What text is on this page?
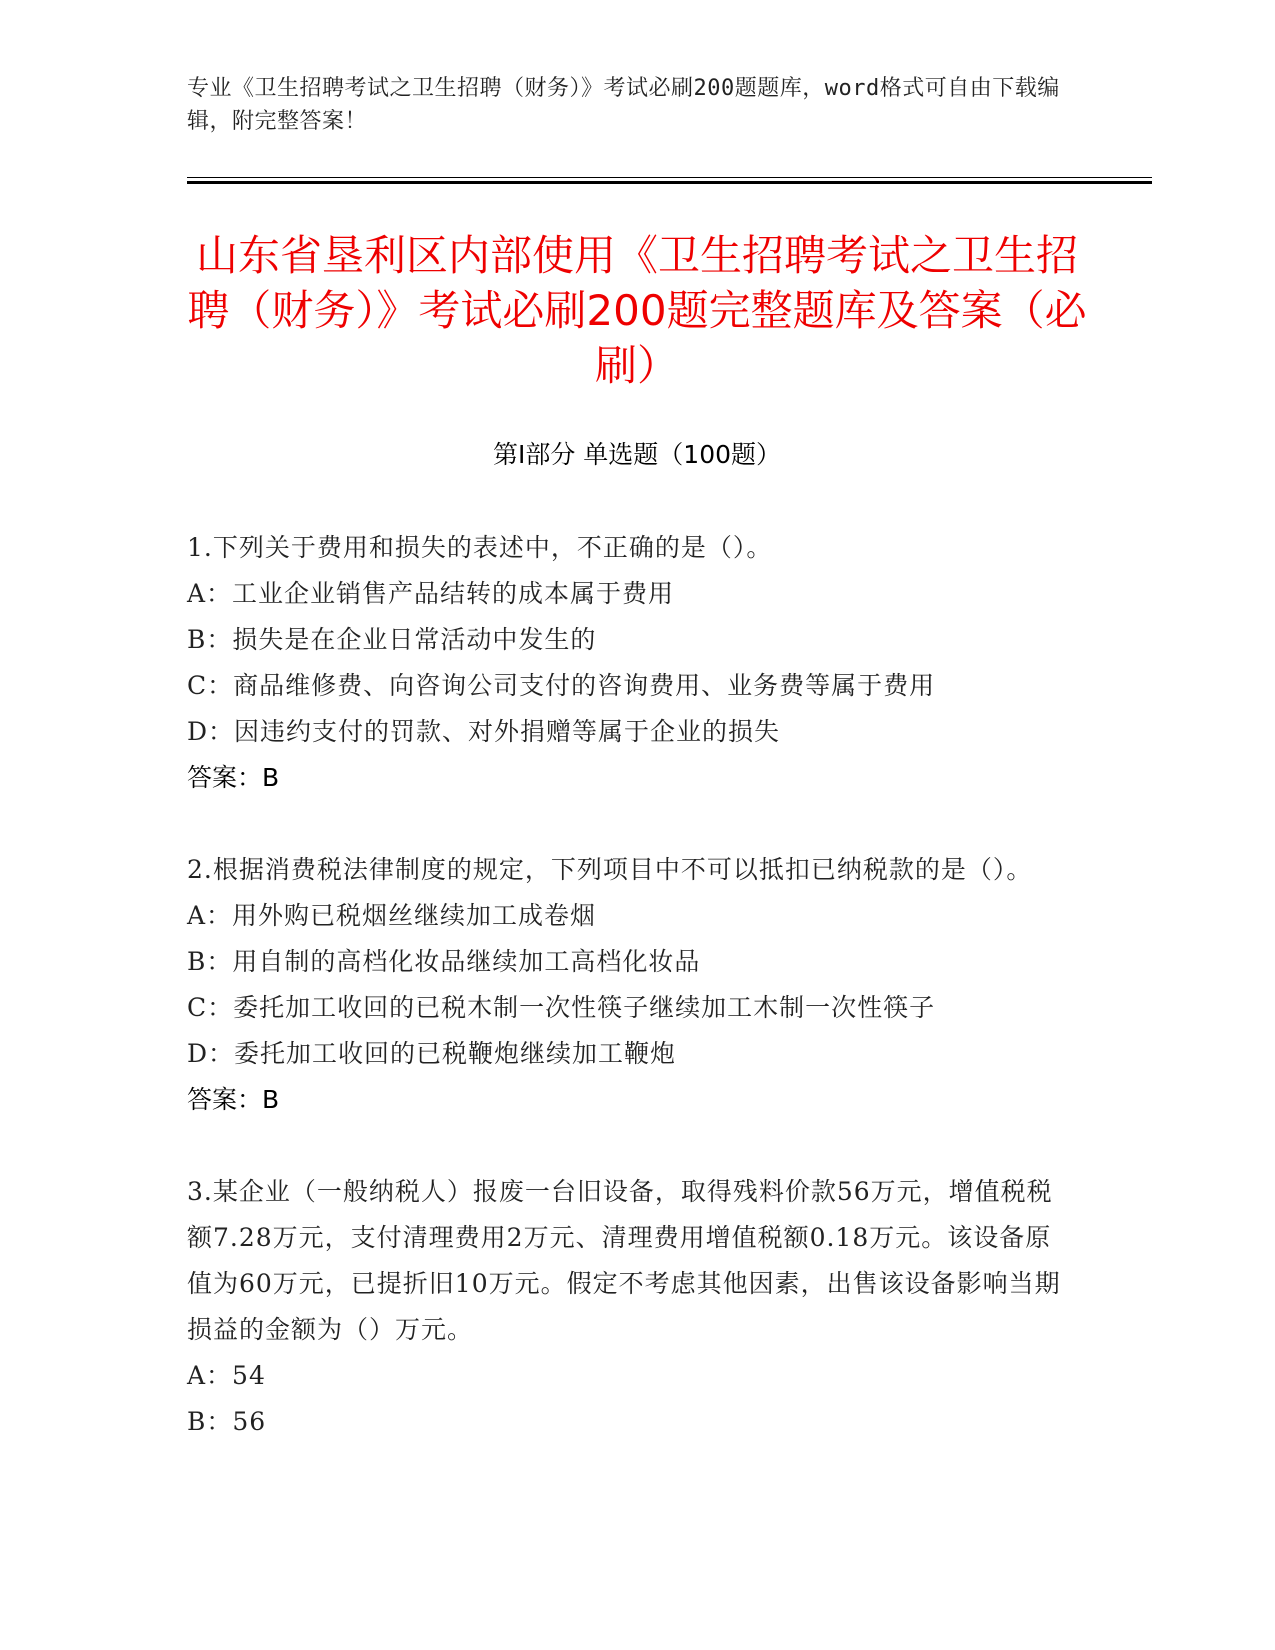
专业《卫生招聘考试之卫生招聘（财务）》考试必刷200题题库，word格式可自由下载编辑，附完整答案！
山东省垦利区内部使用《卫生招聘考试之卫生招聘（财务）》考试必刷200题完整题库及答案（必刷）
第Ⅰ部分 单选题（100题）
1.下列关于费用和损失的表述中，不正确的是（）。
A：工业企业销售产品结转的成本属于费用
B：损失是在企业日常活动中发生的
C：商品维修费、向咨询公司支付的咨询费用、业务费等属于费用
D：因违约支付的罚款、对外捐赠等属于企业的损失
答案：B
2.根据消费税法律制度的规定，下列项目中不可以抵扣已纳税款的是（）。
A：用外购已税烟丝继续加工成卷烟
B：用自制的高档化妆品继续加工高档化妆品
C：委托加工收回的已税木制一次性筷子继续加工木制一次性筷子
D：委托加工收回的已税鞭炮继续加工鞭炮
答案：B
3.某企业（一般纳税人）报废一台旧设备，取得残料价款56万元，增值税税额7.28万元，支付清理费用2万元、清理费用增值税额0.18万元。该设备原值为60万元，已提折旧10万元。假定不考虑其他因素，出售该设备影响当期损益的金额为（）万元。
A：54
B：56
